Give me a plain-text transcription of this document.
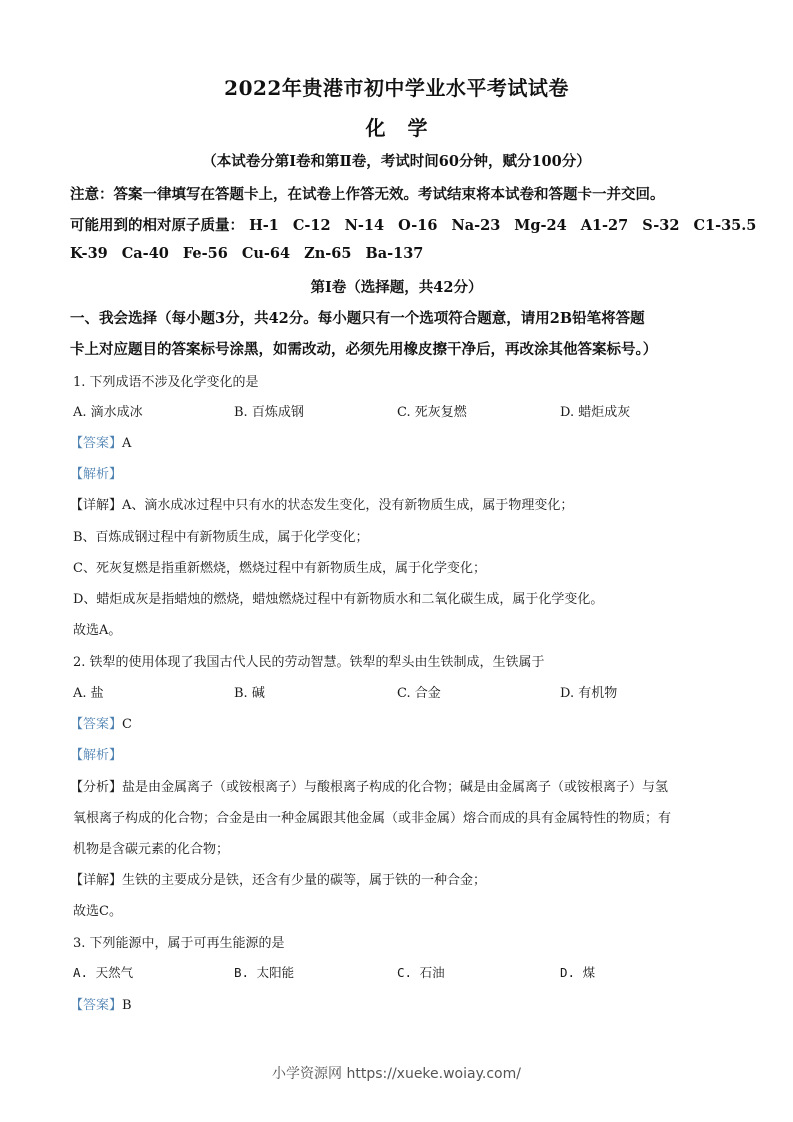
2022年贵港市初中学业水平考试试卷
化学
（本试卷分第Ⅰ卷和第Ⅱ卷，考试时间60分钟，赋分100分）
注意：答案一律填写在答题卡上，在试卷上作答无效。考试结束将本试卷和答题卡一并交回。
可能用到的相对原子质量： H-1 C-12 N-14 O-16 Na-23 Mg-24 A1-27 S-32 C1-35.5
K-39 Ca-40 Fe-56 Cu-64 Zn-65 Ba-137
第Ⅰ卷（选择题，共42分）
一、我会选择（每小题3分，共42分。每小题只有一个选项符合题意，请用2B铅笔将答题
卡上对应题目的答案标号涂黑，如需改动，必须先用橡皮擦干净后，再改涂其他答案标号。）
1. 下列成语不涉及化学变化的是
A. 滴水成冰	B. 百炼成钢	C. 死灰复燃	D. 蜡炬成灰
【答案】A
【解析】
【详解】A、滴水成冰过程中只有水的状态发生变化，没有新物质生成，属于物理变化；
B、百炼成钢过程中有新物质生成，属于化学变化；
C、死灰复燃是指重新燃烧，燃烧过程中有新物质生成，属于化学变化；
D、蜡炬成灰是指蜡烛的燃烧，蜡烛燃烧过程中有新物质水和二氧化碳生成，属于化学变化。
故选A。
2. 铁犁的使用体现了我国古代人民的劳动智慧。铁犁的犁头由生铁制成，生铁属于
A. 盐	B. 碱	C. 合金	D. 有机物
【答案】C
【解析】
【分析】盐是由金属离子（或铵根离子）与酸根离子构成的化合物；碱是由金属离子（或铵根离子）与氢
氧根离子构成的化合物；合金是由一种金属跟其他金属（或非金属）熔合而成的具有金属特性的物质；有
机物是含碳元素的化合物；
【详解】生铁的主要成分是铁，还含有少量的碳等，属于铁的一种合金；
故选C。
3. 下列能源中，属于可再生能源的是
A. 天然气	B. 太阳能	C. 石油	D. 煤
【答案】B
小学资源网 https://xueke.woiay.com/
